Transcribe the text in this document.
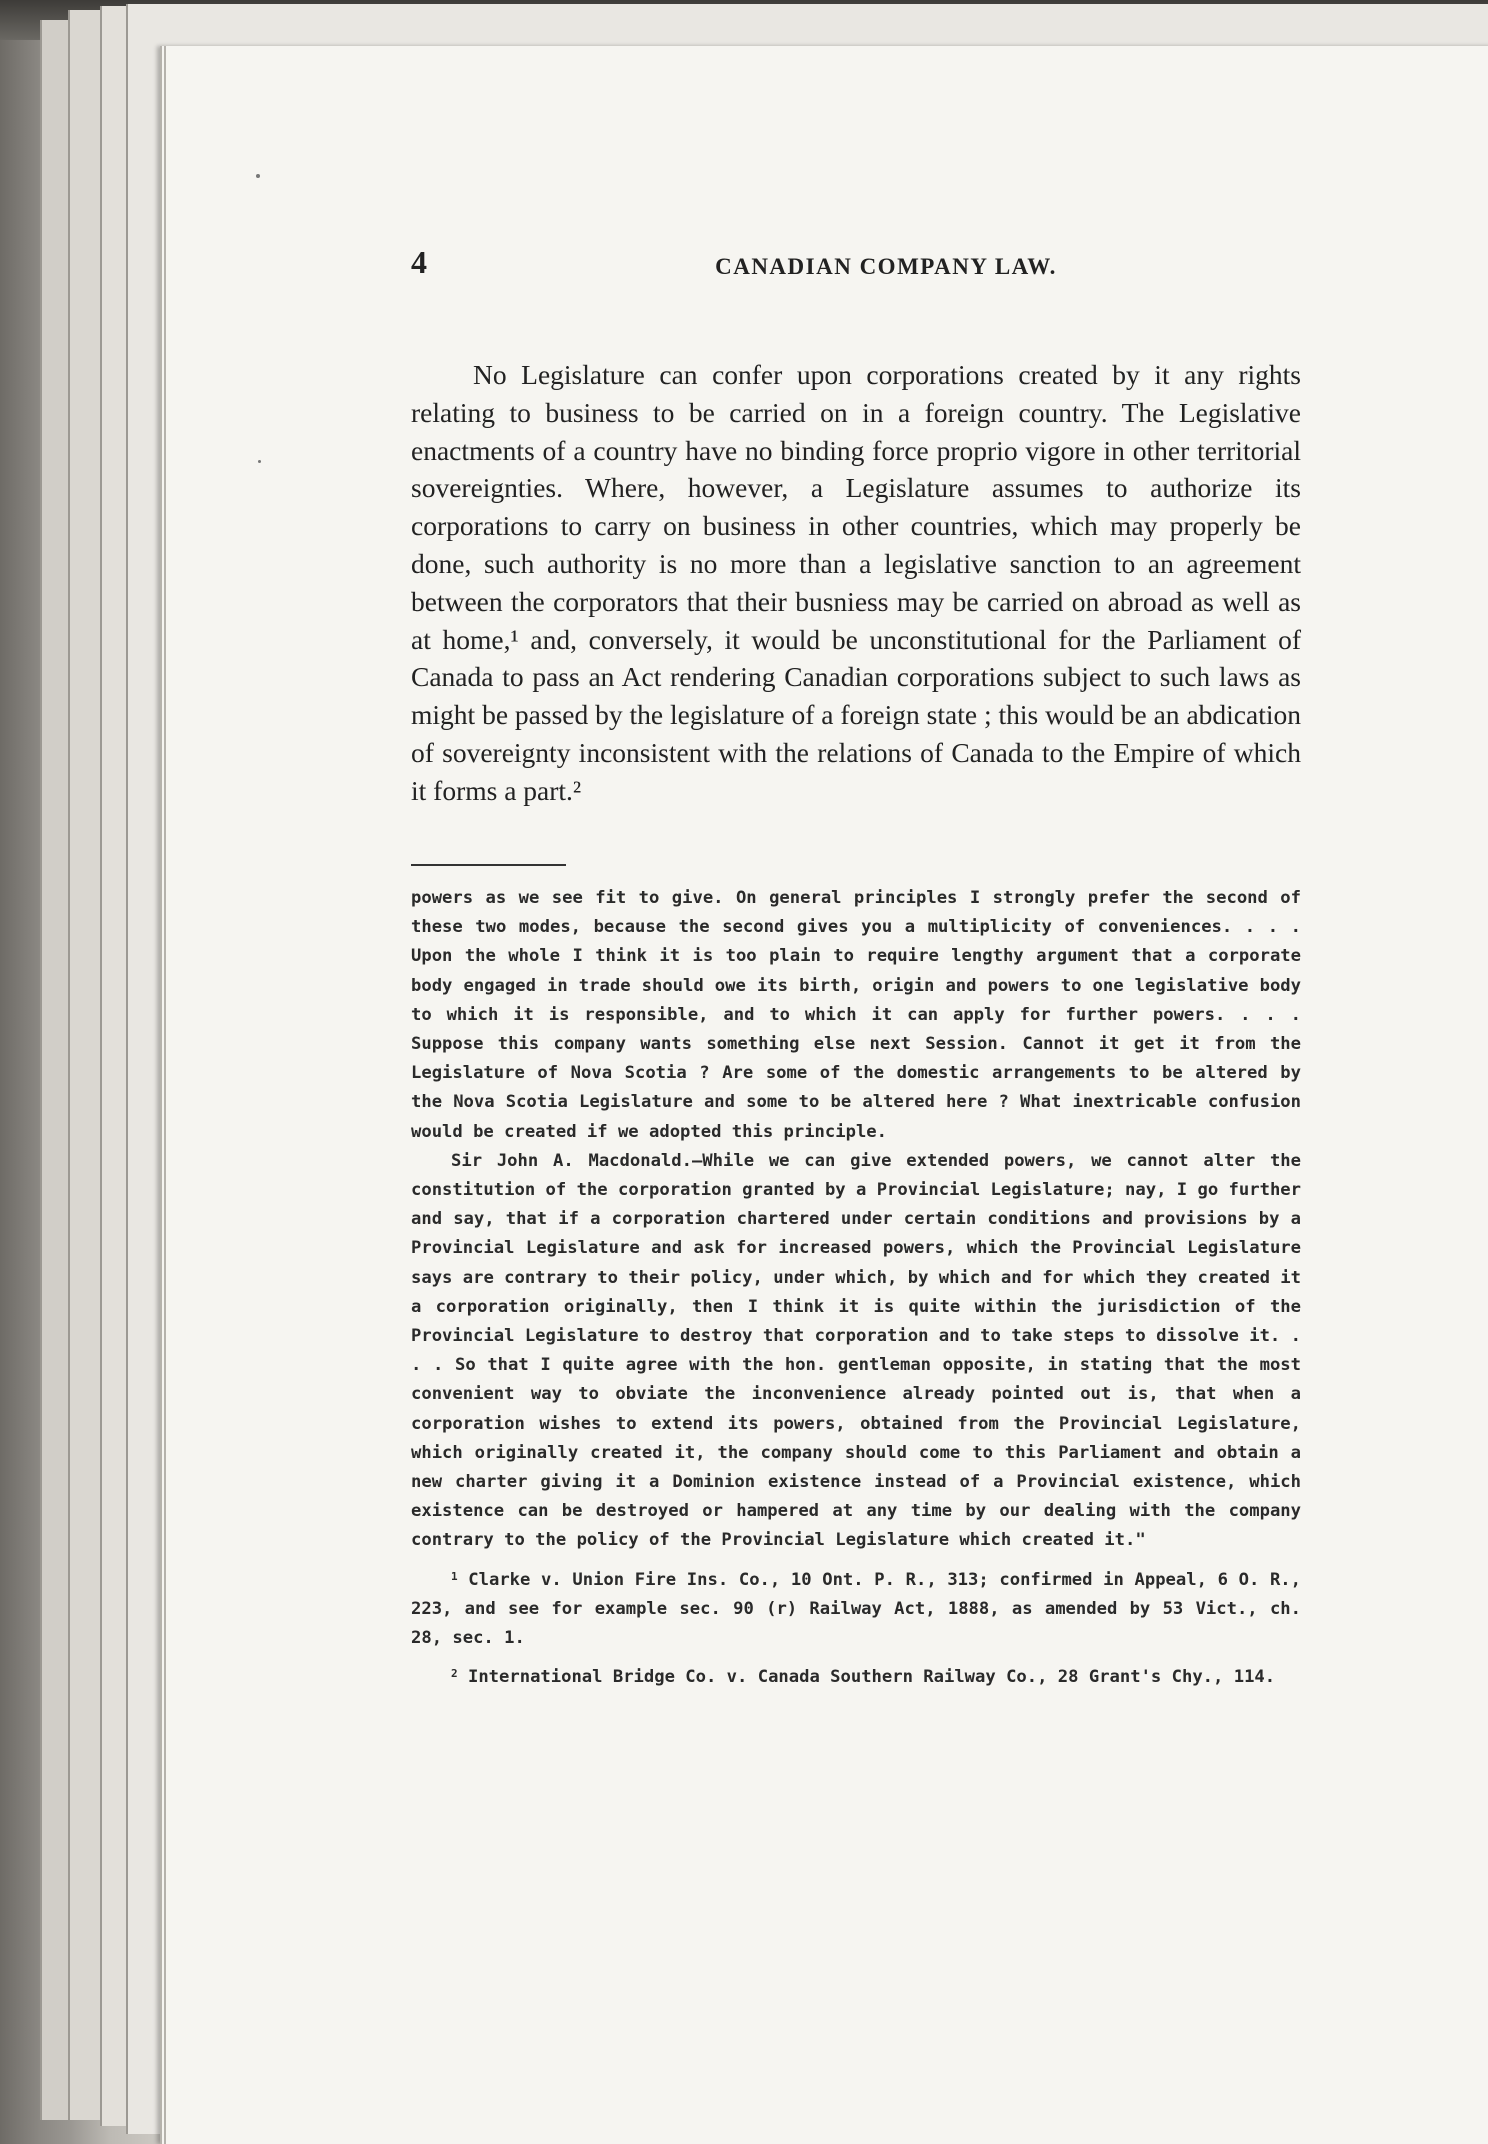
4	CANADIAN COMPANY LAW.

No Legislature can confer upon corporations created by it any rights relating to business to be carried on in a foreign country. The Legislative enactments of a country have no binding force proprio vigore in other territorial sovereignties. Where, however, a Legislature assumes to authorize its corporations to carry on business in other countries, which may properly be done, such authority is no more than a legislative sanction to an agreement between the corporators that their busniess may be carried on abroad as well as at home,¹ and, conversely, it would be unconstitutional for the Parliament of Canada to pass an Act rendering Canadian corporations subject to such laws as might be passed by the legislature of a foreign state ; this would be an abdication of sovereignty inconsistent with the relations of Canada to the Empire of which it forms a part.²

powers as we see fit to give. On general principles I strongly prefer the second of these two modes, because the second gives you a multiplicity of conveniences. . . . Upon the whole I think it is too plain to require lengthy argument that a corporate body engaged in trade should owe its birth, origin and powers to one legislative body to which it is responsible, and to which it can apply for further powers. . . . Suppose this company wants something else next Session. Cannot it get it from the Legislature of Nova Scotia ? Are some of the domestic arrangements to be altered by the Nova Scotia Legislature and some to be altered here ? What inextricable confusion would be created if we adopted this principle.

Sir John A. Macdonald.—While we can give extended powers, we cannot alter the constitution of the corporation granted by a Provincial Legislature; nay, I go further and say, that if a corporation chartered under certain conditions and provisions by a Provincial Legislature and ask for increased powers, which the Provincial Legislature says are contrary to their policy, under which, by which and for which they created it a corporation originally, then I think it is quite within the jurisdiction of the Provincial Legislature to destroy that corporation and to take steps to dissolve it. . . . So that I quite agree with the hon. gentleman opposite, in stating that the most convenient way to obviate the inconvenience already pointed out is, that when a corporation wishes to extend its powers, obtained from the Provincial Legislature, which originally created it, the company should come to this Parliament and obtain a new charter giving it a Dominion existence instead of a Provincial existence, which existence can be destroyed or hampered at any time by our dealing with the company contrary to the policy of the Provincial Legislature which created it."

$^1$ Clarke v. Union Fire Ins. Co., 10 Ont. P. R., 313; confirmed in Appeal, 6 O. R., 223, and see for example sec. 90 (r) Railway Act, 1888, as amended by 53 Vict., ch. 28, sec. 1.

$^2$ International Bridge Co. v. Canada Southern Railway Co., 28 Grant's Chy., 114.
